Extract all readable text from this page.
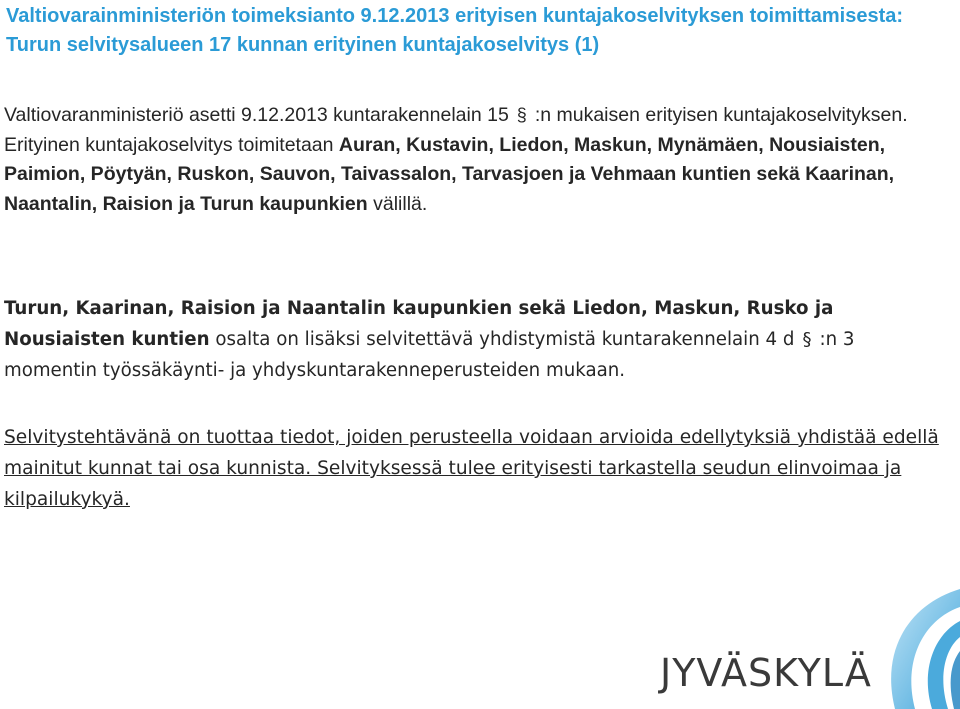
Valtiovarainministeriön toimeksianto 9.12.2013 erityisen kuntajakoselvityksen toimittamisesta: Turun selvitysalueen 17 kunnan erityinen kuntajakoselvitys (1)

Valtiovaranministeriö asetti 9.12.2013 kuntarakennelain 15 § :n mukaisen erityisen kuntajakoselvityksen. Erityinen kuntajakoselvitys toimitetaan Auran, Kustavin, Liedon, Maskun, Mynämäen, Nousiaisten, Paimion, Pöytyän, Ruskon, Sauvon, Taivassalon, Tarvasjoen ja Vehmaan kuntien sekä Kaarinan, Naantalin, Raision ja Turun kaupunkien välillä.

Turun, Kaarinan, Raision ja Naantalin kaupunkien sekä Liedon, Maskun, Rusko ja Nousiaisten kuntien osalta on lisäksi selvitettävä yhdistymistä kuntarakennelain 4 d § :n 3 momentin työssäkäynti- ja yhdyskuntarakenneperusteiden mukaan.

Selvitystehtävänä on tuottaa tiedot, joiden perusteella voidaan arvioida edellytyksiä yhdistää edellä mainitut kunnat tai osa kunnista. Selvityksessä tulee erityisesti tarkastella seudun elinvoimaa ja kilpailukykyä.

JYVÄSKYLÄ
